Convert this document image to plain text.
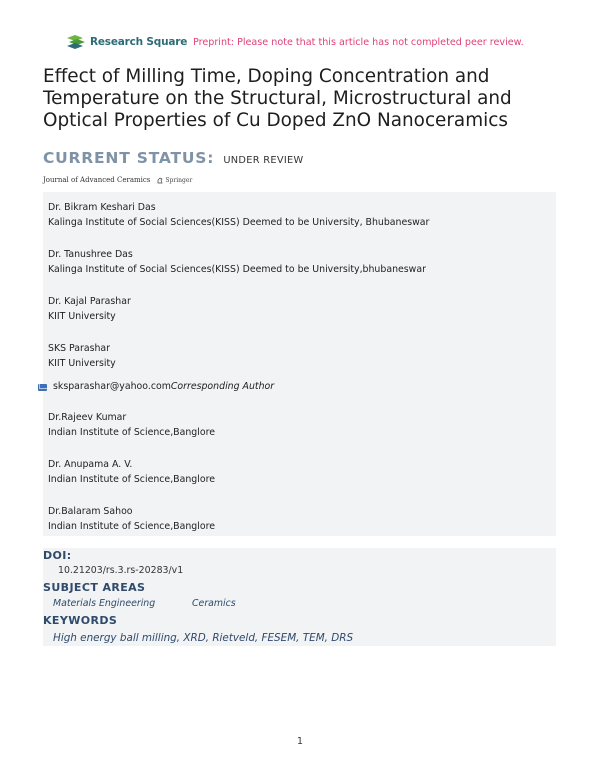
Research Square Preprint: Please note that this article has not completed peer review.
Effect of Milling Time, Doping Concentration and Temperature on the Structural, Microstructural and Optical Properties of Cu Doped ZnO Nanoceramics
CURRENT STATUS: UNDER REVIEW
Journal of Advanced Ceramics	Springer
Dr. Bikram Keshari Das
Kalinga Institute of Social Sciences(KISS) Deemed to be University, Bhubaneswar
Dr. Tanushree Das
Kalinga Institute of Social Sciences(KISS) Deemed to be University,bhubaneswar
Dr. Kajal Parashar
KIIT University
SKS Parashar
KIIT University
sksparashar@yahoo.com Corresponding Author
Dr.Rajeev Kumar
Indian Institute of Science,Banglore
Dr. Anupama A. V.
Indian Institute of Science,Banglore
Dr.Balaram Sahoo
Indian Institute of Science,Banglore
DOI:
10.21203/rs.3.rs-20283/v1
SUBJECT AREAS
Materials Engineering	Ceramics
KEYWORDS
High energy ball milling, XRD, Rietveld, FESEM, TEM, DRS
1
